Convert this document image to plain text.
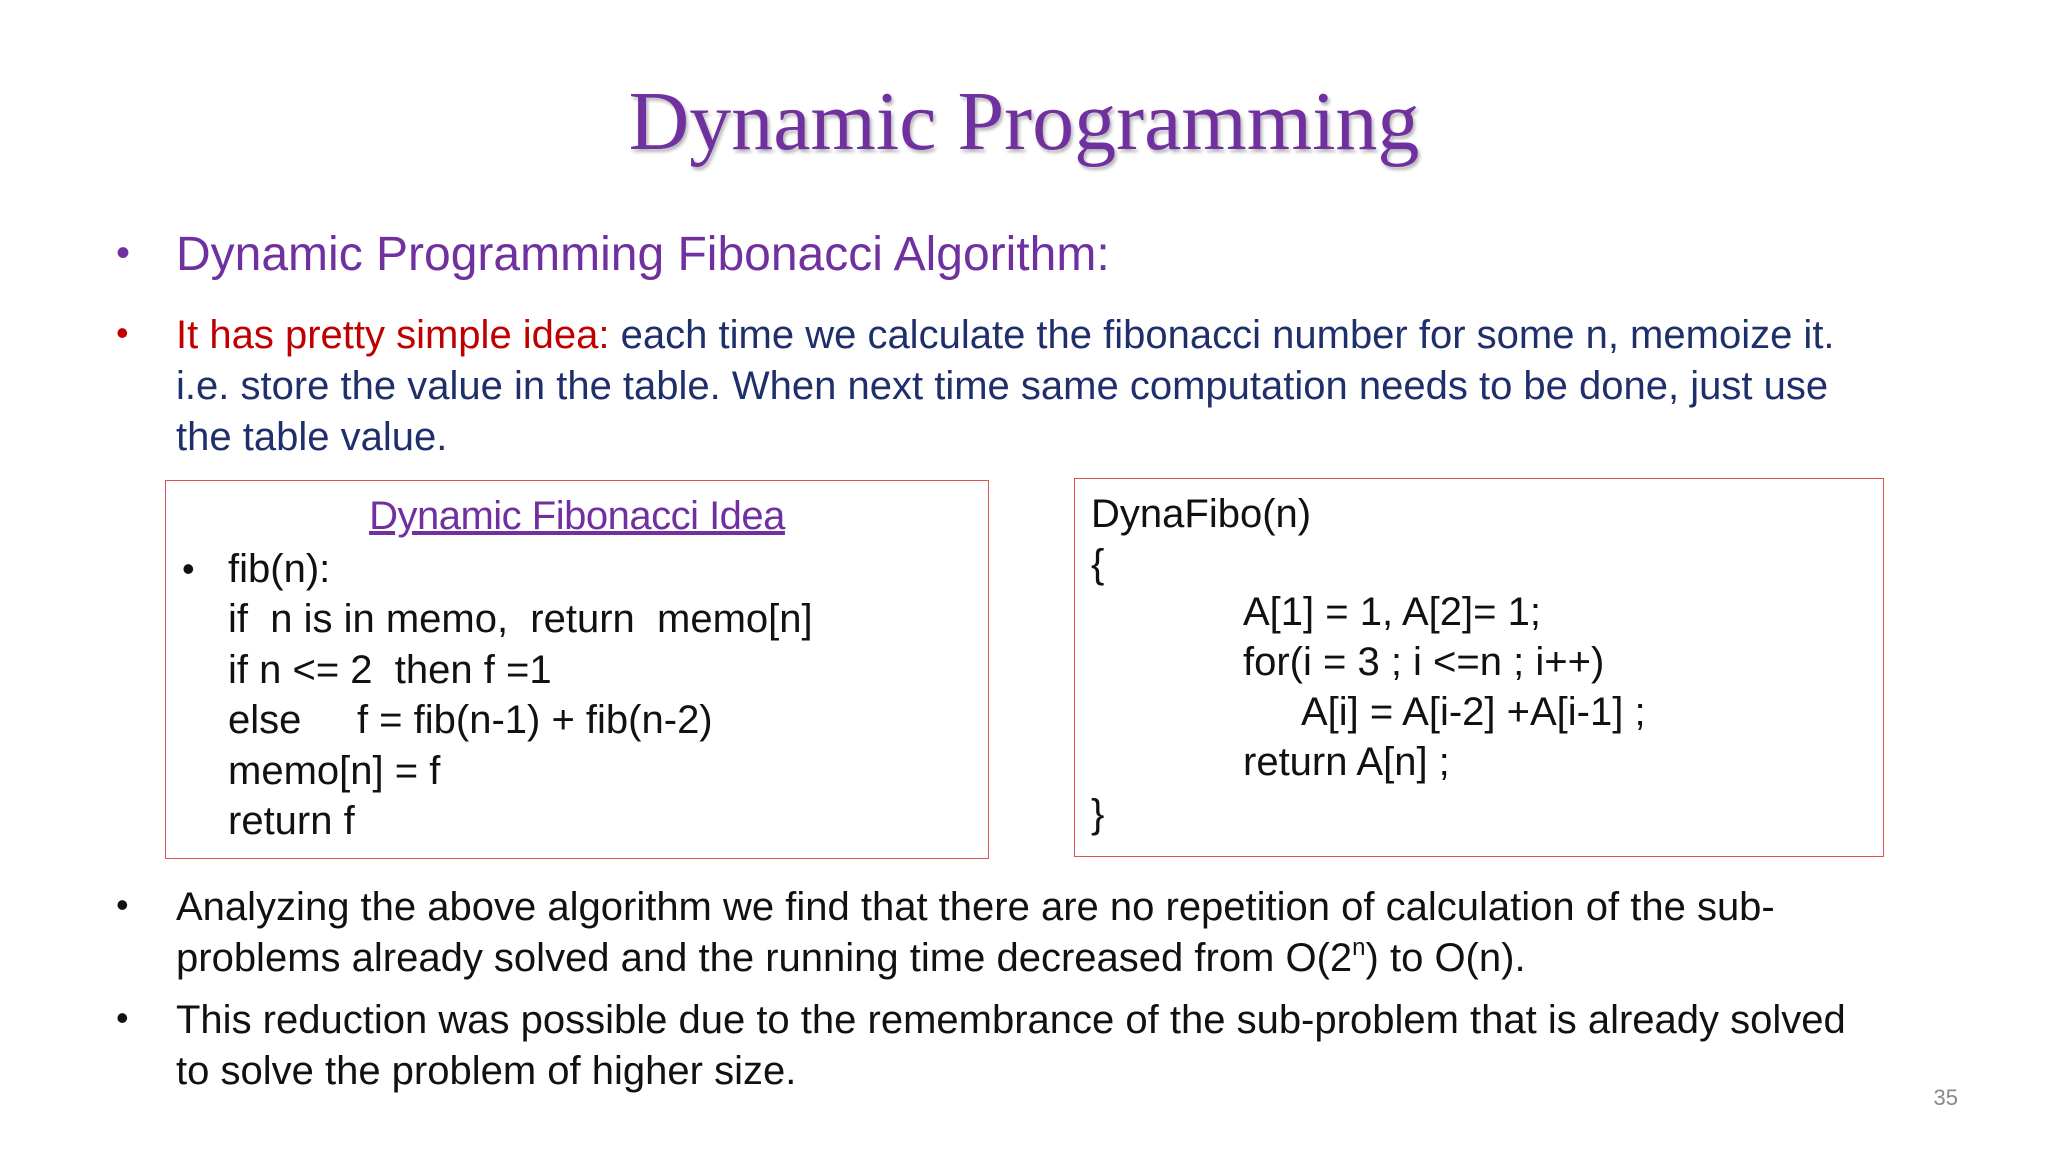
Dynamic Programming
• Dynamic Programming Fibonacci Algorithm:
• It has pretty simple idea: each time we calculate the fibonacci number for some n, memoize it.
i.e. store the value in the table. When next time same computation needs to be done, just use
the table value.
Dynamic Fibonacci Idea
• fib(n):
if  n is in memo,  return  memo[n]
if n <= 2  then f =1
else     f = fib(n-1) + fib(n-2)
memo[n] = f
return f
DynaFibo(n)
{
A[1] = 1, A[2]= 1;
for(i = 3 ; i <=n ; i++)
A[i] = A[i-2] +A[i-1] ;
return A[n] ;
}
• Analyzing the above algorithm we find that there are no repetition of calculation of the sub-
problems already solved and the running time decreased from O(2$^n$) to O(n).
• This reduction was possible due to the remembrance of the sub-problem that is already solved
to solve the problem of higher size.
35
